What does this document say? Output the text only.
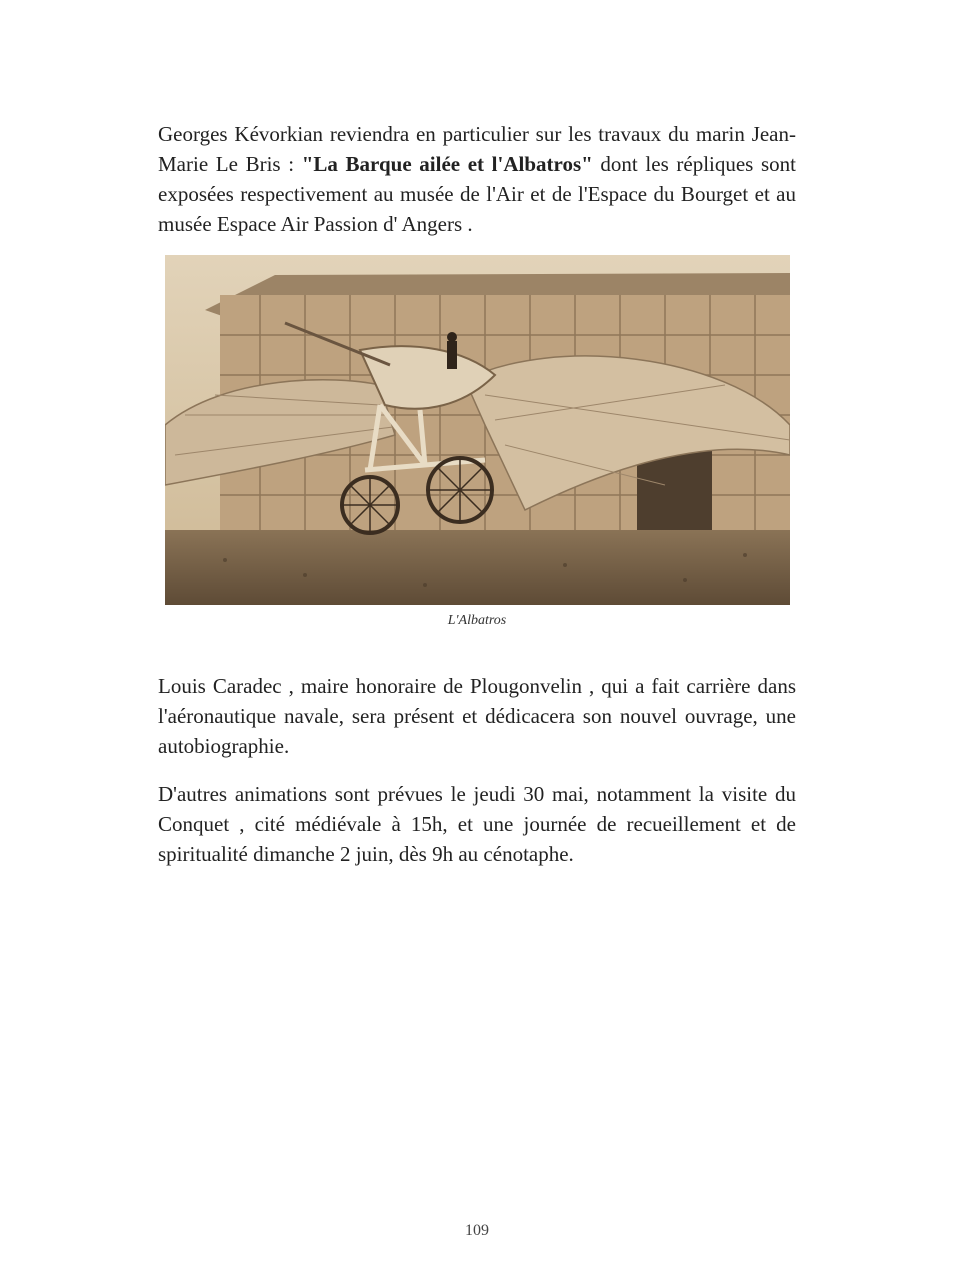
Georges Kévorkian reviendra en particulier sur les travaux du marin Jean-Marie Le Bris : "La Barque ailée et l'Albatros" dont les répliques sont exposées respectivement au musée de l'Air et de l'Espace du Bourget et au musée Espace Air Passion d' Angers .

L'Albatros

Louis Caradec , maire honoraire de Plougonvelin , qui a fait carrière dans l'aéronautique navale, sera présent et dédicacera son nouvel ouvrage, une autobiographie.

D'autres animations sont prévues le jeudi 30 mai, notamment la visite du Conquet , cité médiévale à 15h, et une journée de recueillement et de spiritualité dimanche 2 juin, dès 9h au cénotaphe.

109
